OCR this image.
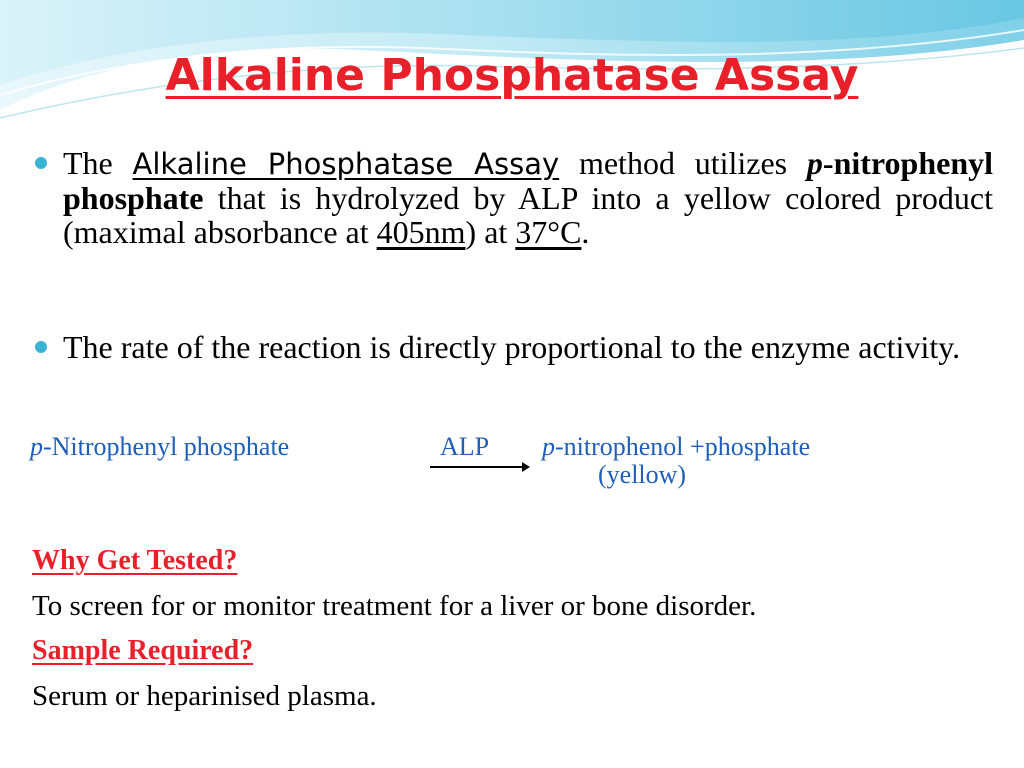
Alkaline Phosphatase Assay
The Alkaline Phosphatase Assay method utilizes p-nitrophenyl phosphate that is hydrolyzed by ALP into a yellow colored product (maximal absorbance at 405nm) at 37°C.
The rate of the reaction is directly proportional to the enzyme activity.
p-Nitrophenyl phosphate	ALP p-nitrophenol +phosphate
(yellow)
Why Get Tested?
To screen for or monitor treatment for a liver or bone disorder.
Sample Required?
Serum or heparinised plasma.
